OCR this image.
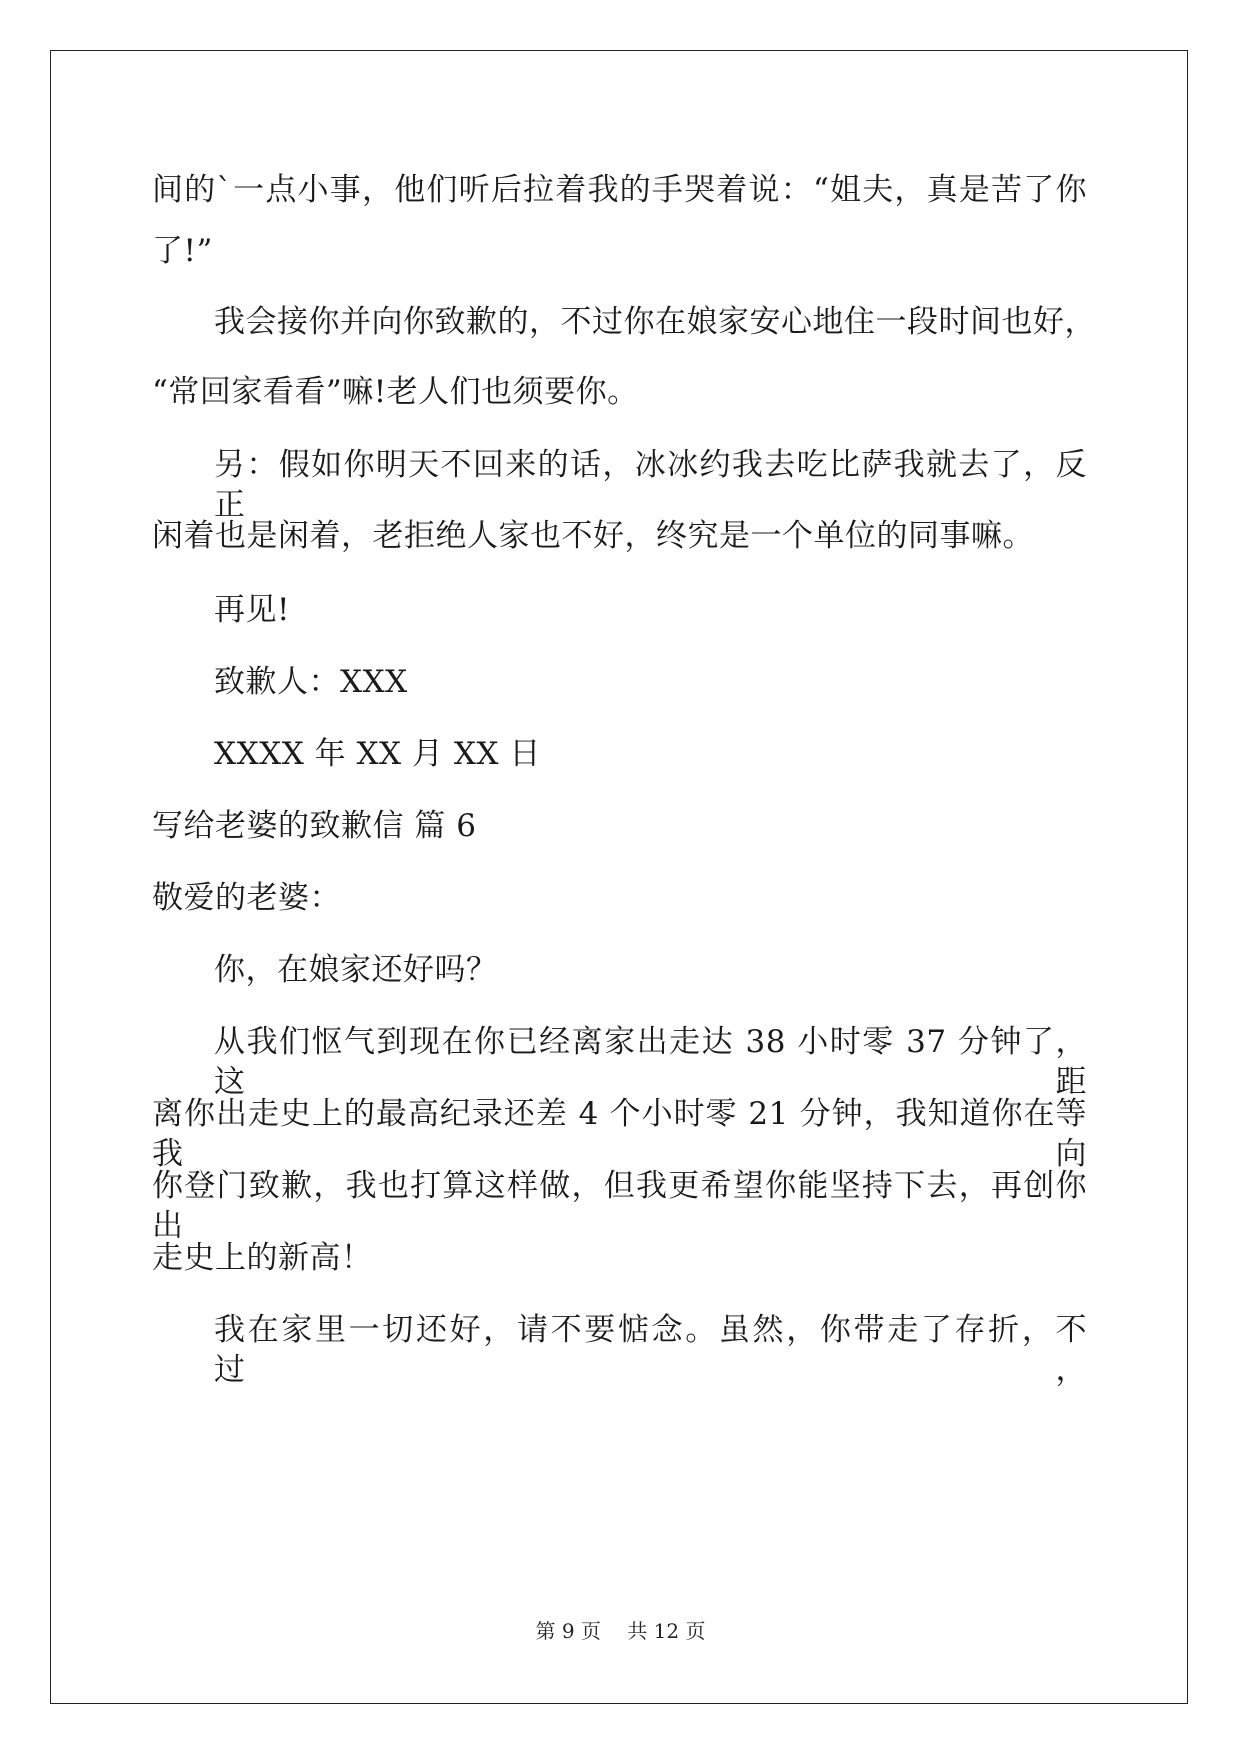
间的`一点小事，他们听后拉着我的手哭着说：“姐夫，真是苦了你
了!”
我会接你并向你致歉的，不过你在娘家安心地住一段时间也好，
“常回家看看”嘛!老人们也须要你。
另：假如你明天不回来的话，冰冰约我去吃比萨我就去了，反正
闲着也是闲着，老拒绝人家也不好，终究是一个单位的同事嘛。
再见!
致歉人：XXX
XXXX 年 XX 月 XX 日
写给老婆的致歉信 篇 6
敬爱的老婆：
你，在娘家还好吗？
从我们怄气到现在你已经离家出走达 38 小时零 37 分钟了，这距
离你出走史上的最高纪录还差 4 个小时零 21 分钟，我知道你在等我向
你登门致歉，我也打算这样做，但我更希望你能坚持下去，再创你出
走史上的新高！
我在家里一切还好，请不要惦念。虽然，你带走了存折，不过，
第 9 页　 共 12 页
